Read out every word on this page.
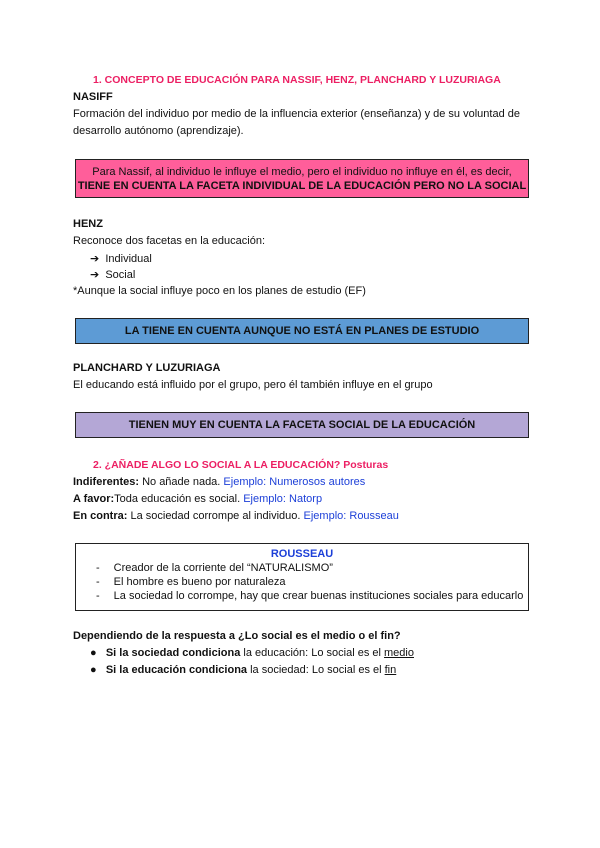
1. CONCEPTO DE EDUCACIÓN PARA NASSIF, HENZ, PLANCHARD Y LUZURIAGA
NASIFF
Formación del individuo por medio de la influencia exterior (enseñanza) y de su voluntad de
desarrollo autónomo (aprendizaje).
Para Nassif, al individuo le influye el medio, pero el individuo no influye en él, es decir,
TIENE EN CUENTA LA FACETA INDIVIDUAL DE LA EDUCACIÓN PERO NO LA SOCIAL
HENZ
Reconoce dos facetas en la educación:
➔ Individual
➔ Social
*Aunque la social influye poco en los planes de estudio (EF)
LA TIENE EN CUENTA AUNQUE NO ESTÁ EN PLANES DE ESTUDIO
PLANCHARD Y LUZURIAGA
El educando está influido por el grupo, pero él también influye en el grupo
TIENEN MUY EN CUENTA LA FACETA SOCIAL DE LA EDUCACIÓN
2. ¿AÑADE ALGO LO SOCIAL A LA EDUCACIÓN? Posturas
Indiferentes: No añade nada. Ejemplo: Numerosos autores
A favor:Toda educación es social. Ejemplo: Natorp
En contra: La sociedad corrompe al individuo. Ejemplo: Rousseau
ROUSSEAU
- Creador de la corriente del “NATURALISMO”
- El hombre es bueno por naturaleza
- La sociedad lo corrompe, hay que crear buenas instituciones sociales para educarlo
Dependiendo de la respuesta a ¿Lo social es el medio o el fin?
● Si la sociedad condiciona la educación: Lo social es el medio
● Si la educación condiciona la sociedad: Lo social es el fin
